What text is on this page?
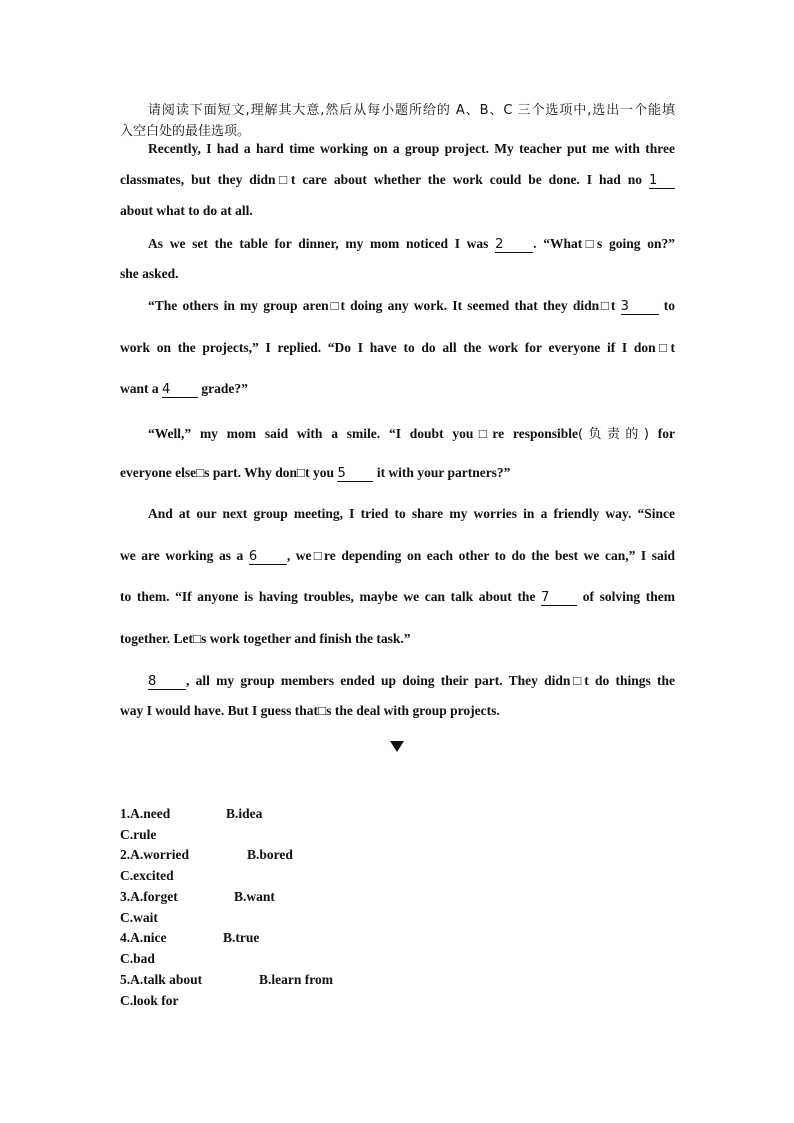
请阅读下面短文,理解其大意,然后从每小题所给的 A、B、C 三个选项中,选出一个能填

入空白处的最佳选项。

Recently, I had a hard time working on a group project. My teacher put me with three

classmates, but they didn□t care about whether the work could be done. I had no 1

about what to do at all.

As we set the table for dinner, my mom noticed I was 2 . “What□s going on?”

she asked.

“The others in my group aren□t doing any work. It seemed that they didn□t 3 to

work on the projects,” I replied. “Do I have to do all the work for everyone if I don□t

want a 4 grade?”

“Well,” my mom said with a smile. “I doubt you□re responsible(负责的) for

everyone else□s part. Why don□t you 5 it with your partners?”

And at our next group meeting, I tried to share my worries in a friendly way. “Since

we are working as a 6 , we□re depending on each other to do the best we can,” I said

to them. “If anyone is having troubles, maybe we can talk about the 7 of solving them

together. Let□s work together and finish the task.”

8 , all my group members ended up doing their part. They didn□t do things the

way I would have. But I guess that□s the deal with group projects.

1.A.need	B.idea

C.rule

2.A.worried	B.bored

C.excited

3.A.forget	B.want

C.wait

4.A.nice	B.true

C.bad

5.A.talk about	B.learn from

C.look for
